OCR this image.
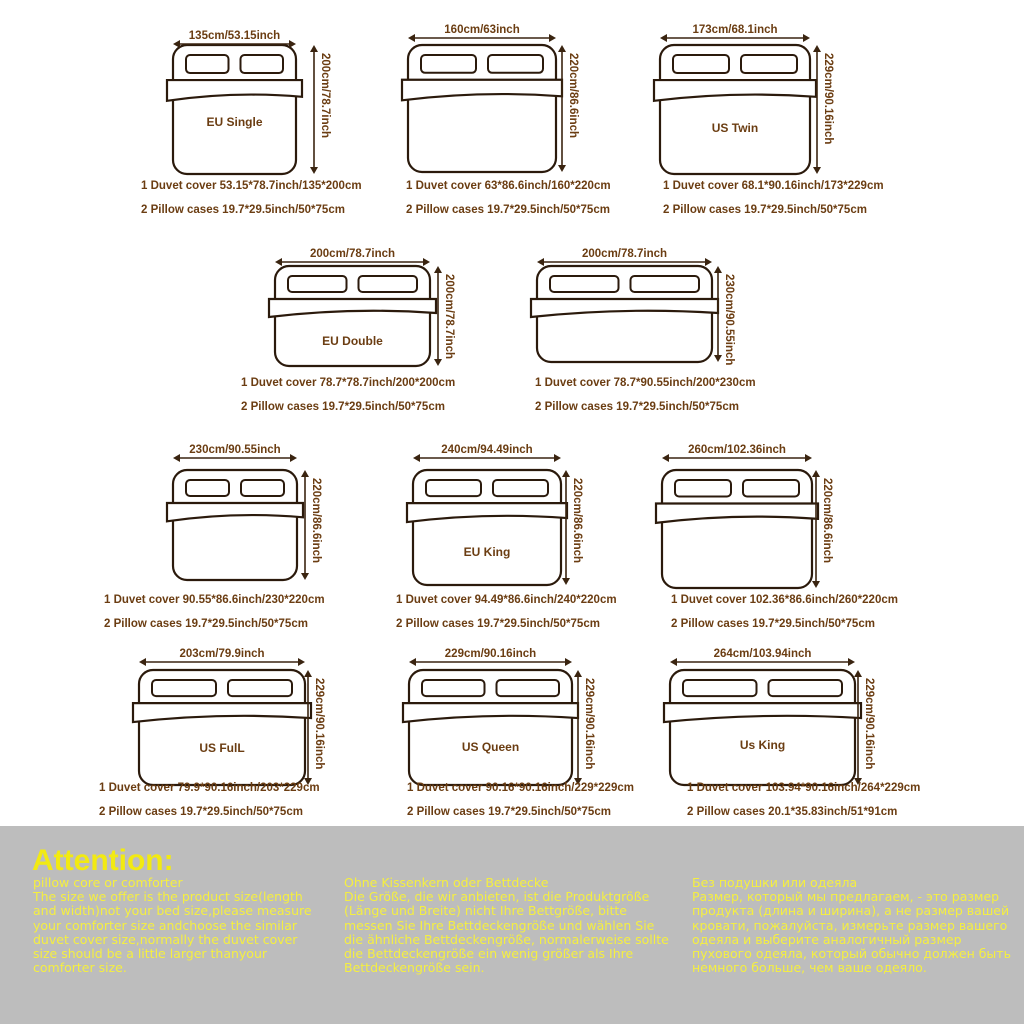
135cm/53.15inch
200cm/78.7inch
EU Single
1 Duvet cover 53.15*78.7inch/135*200cm
2 Pillow cases 19.7*29.5inch/50*75cm
160cm/63inch
220cm/86.6inch
1 Duvet cover 63*86.6inch/160*220cm
2 Pillow cases 19.7*29.5inch/50*75cm
173cm/68.1inch
229cm/90.16inch
US Twin
1 Duvet cover 68.1*90.16inch/173*229cm
2 Pillow cases 19.7*29.5inch/50*75cm
200cm/78.7inch
200cm/78.7inch
EU Double
1 Duvet cover 78.7*78.7inch/200*200cm
2 Pillow cases 19.7*29.5inch/50*75cm
200cm/78.7inch
230cm/90.55inch
1 Duvet cover 78.7*90.55inch/200*230cm
2 Pillow cases 19.7*29.5inch/50*75cm
230cm/90.55inch
220cm/86.6inch
1 Duvet cover 90.55*86.6inch/230*220cm
2 Pillow cases 19.7*29.5inch/50*75cm
240cm/94.49inch
220cm/86.6inch
EU King
1 Duvet cover 94.49*86.6inch/240*220cm
2 Pillow cases 19.7*29.5inch/50*75cm
260cm/102.36inch
220cm/86.6inch
1 Duvet cover 102.36*86.6inch/260*220cm
2 Pillow cases 19.7*29.5inch/50*75cm
203cm/79.9inch
229cm/90.16inch
US FulL
1 Duvet cover 79.9*90.16inch/203*229cm
2 Pillow cases 19.7*29.5inch/50*75cm
229cm/90.16inch
229cm/90.16inch
US Queen
1 Duvet cover 90.16*90.16inch/229*229cm
2 Pillow cases 19.7*29.5inch/50*75cm
264cm/103.94inch
229cm/90.16inch
Us King
1 Duvet cover 103.94*90.16inch/264*229cm
2 Pillow cases 20.1*35.83inch/51*91cm
Attention:
pillow core or comforter
The size we offer is the product size(length and width)not your bed size,please measure your comforter size andchoose the similar duvet cover size,normally the duvet cover size should be a little larger thanyour comforter size.
Ohne Kissenkern oder Bettdecke
Die Größe, die wir anbieten, ist die Produktgröße (Länge und Breite) nicht Ihre Bettgröße, bitte messen Sie Ihre Bettdeckengröße und wählen Sie die ähnliche Bettdeckengröße, normalerweise sollte die Bettdeckengröße ein wenig größer als Ihre Bettdeckengröße sein.
Без подушки или одеяла
Размер, который мы предлагаем, - это размер продукта (длина и ширина), а не размер вашей кровати, пожалуйста, измерьте размер вашего одеяла и выберите аналогичный размер пухового одеяла, который обычно должен быть немного больше, чем ваше одеяло.
